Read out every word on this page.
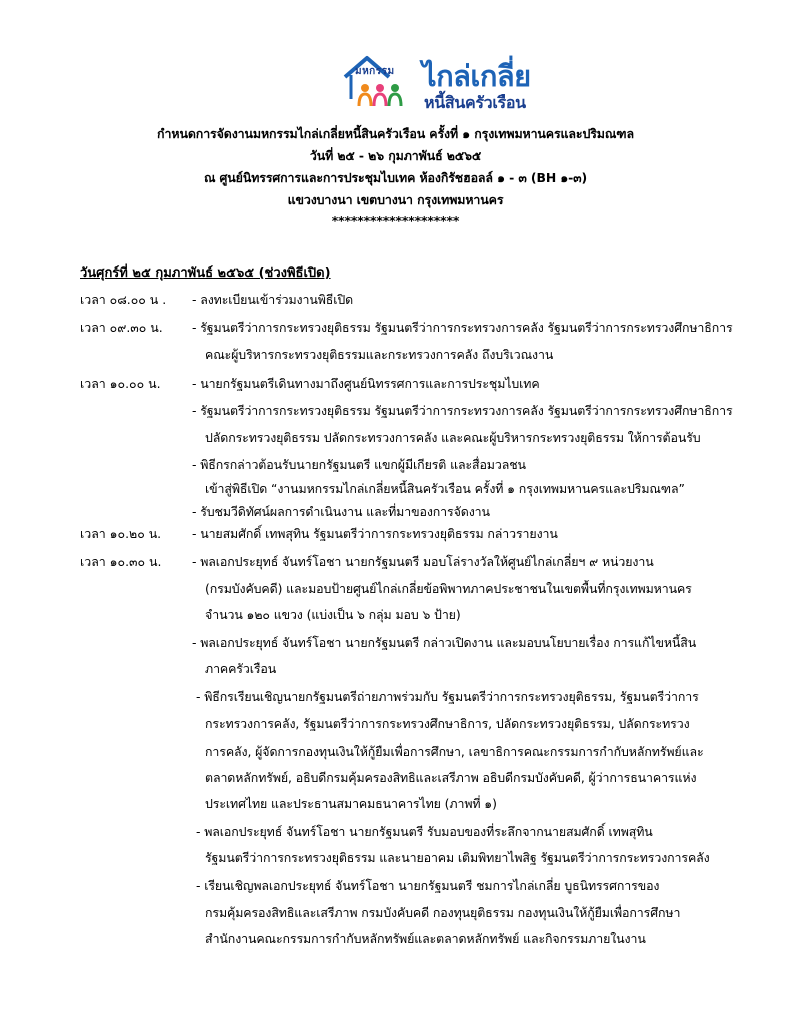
มหกรรม ไกล่เกลี่ย
หนี้สินครัวเรือน
กำหนดการจัดงานมหกรรมไกล่เกลี่ยหนี้สินครัวเรือน ครั้งที่ ๑ กรุงเทพมหานครและปริมณฑล
วันที่ ๒๕ - ๒๖ กุมภาพันธ์ ๒๕๖๕
ณ ศูนย์นิทรรศการและการประชุมไบเทค ห้องกิรัชฮอลล์ ๑ - ๓ (BH ๑-๓)
แขวงบางนา เขตบางนา กรุงเทพมหานคร
********************
วันศุกร์ที่ ๒๕ กุมภาพันธ์ ๒๕๖๕ (ช่วงพิธีเปิด)
เวลา ๐๘.๐๐ น .
เวลา ๐๙.๓๐ น.
เวลา ๑๐.๐๐ น.
เวลา ๑๐.๒๐ น.
เวลา ๑๐.๓๐ น.
- ลงทะเบียนเข้าร่วมงานพิธีเปิด
- รัฐมนตรีว่าการกระทรวงยุติธรรม รัฐมนตรีว่าการกระทรวงการคลัง รัฐมนตรีว่าการกระทรวงศึกษาธิการ
คณะผู้บริหารกระทรวงยุติธรรมและกระทรวงการคลัง ถึงบริเวณงาน
- นายกรัฐมนตรีเดินทางมาถึงศูนย์นิทรรศการและการประชุมไบเทค
- รัฐมนตรีว่าการกระทรวงยุติธรรม รัฐมนตรีว่าการกระทรวงการคลัง รัฐมนตรีว่าการกระทรวงศึกษาธิการ
ปลัดกระทรวงยุติธรรม ปลัดกระทรวงการคลัง และคณะผู้บริหารกระทรวงยุติธรรม ให้การต้อนรับ
- พิธีกรกล่าวต้อนรับนายกรัฐมนตรี แขกผู้มีเกียรติ และสื่อมวลชน
เข้าสู่พิธีเปิด “งานมหกรรมไกล่เกลี่ยหนี้สินครัวเรือน ครั้งที่ ๑ กรุงเทพมหานครและปริมณฑล”
- รับชมวีดิทัศน์ผลการดำเนินงาน และที่มาของการจัดงาน
- นายสมศักดิ์ เทพสุทิน รัฐมนตรีว่าการกระทรวงยุติธรรม กล่าวรายงาน
- พลเอกประยุทธ์ จันทร์โอชา นายกรัฐมนตรี มอบโล่รางวัลให้ศูนย์ไกล่เกลี่ยฯ ๙ หน่วยงาน
(กรมบังคับคดี) และมอบป้ายศูนย์ไกล่เกลี่ยข้อพิพาทภาคประชาชนในเขตพื้นที่กรุงเทพมหานคร
จำนวน ๑๒๐ แขวง (แบ่งเป็น ๖ กลุ่ม มอบ ๖ ป้าย)
- พลเอกประยุทธ์ จันทร์โอชา นายกรัฐมนตรี กล่าวเปิดงาน และมอบนโยบายเรื่อง การแก้ไขหนี้สิน
ภาคครัวเรือน
- พิธีกรเรียนเชิญนายกรัฐมนตรีถ่ายภาพร่วมกับ รัฐมนตรีว่าการกระทรวงยุติธรรม, รัฐมนตรีว่าการ
กระทรวงการคลัง, รัฐมนตรีว่าการกระทรวงศึกษาธิการ, ปลัดกระทรวงยุติธรรม, ปลัดกระทรวง
การคลัง, ผู้จัดการกองทุนเงินให้กู้ยืมเพื่อการศึกษา, เลขาธิการคณะกรรมการกำกับหลักทรัพย์และ
ตลาดหลักทรัพย์, อธิบดีกรมคุ้มครองสิทธิและเสรีภาพ อธิบดีกรมบังคับคดี, ผู้ว่าการธนาคารแห่ง
ประเทศไทย และประธานสมาคมธนาคารไทย (ภาพที่ ๑)
- พลเอกประยุทธ์ จันทร์โอชา นายกรัฐมนตรี รับมอบของที่ระลึกจากนายสมศักดิ์ เทพสุทิน
รัฐมนตรีว่าการกระทรวงยุติธรรม และนายอาคม เติมพิทยาไพสิฐ รัฐมนตรีว่าการกระทรวงการคลัง
- เรียนเชิญพลเอกประยุทธ์ จันทร์โอชา นายกรัฐมนตรี ชมการไกล่เกลี่ย บูธนิทรรศการของ
กรมคุ้มครองสิทธิและเสรีภาพ กรมบังคับคดี กองทุนยุติธรรม กองทุนเงินให้กู้ยืมเพื่อการศึกษา
สำนักงานคณะกรรมการกำกับหลักทรัพย์และตลาดหลักทรัพย์ และกิจกรรมภายในงาน
